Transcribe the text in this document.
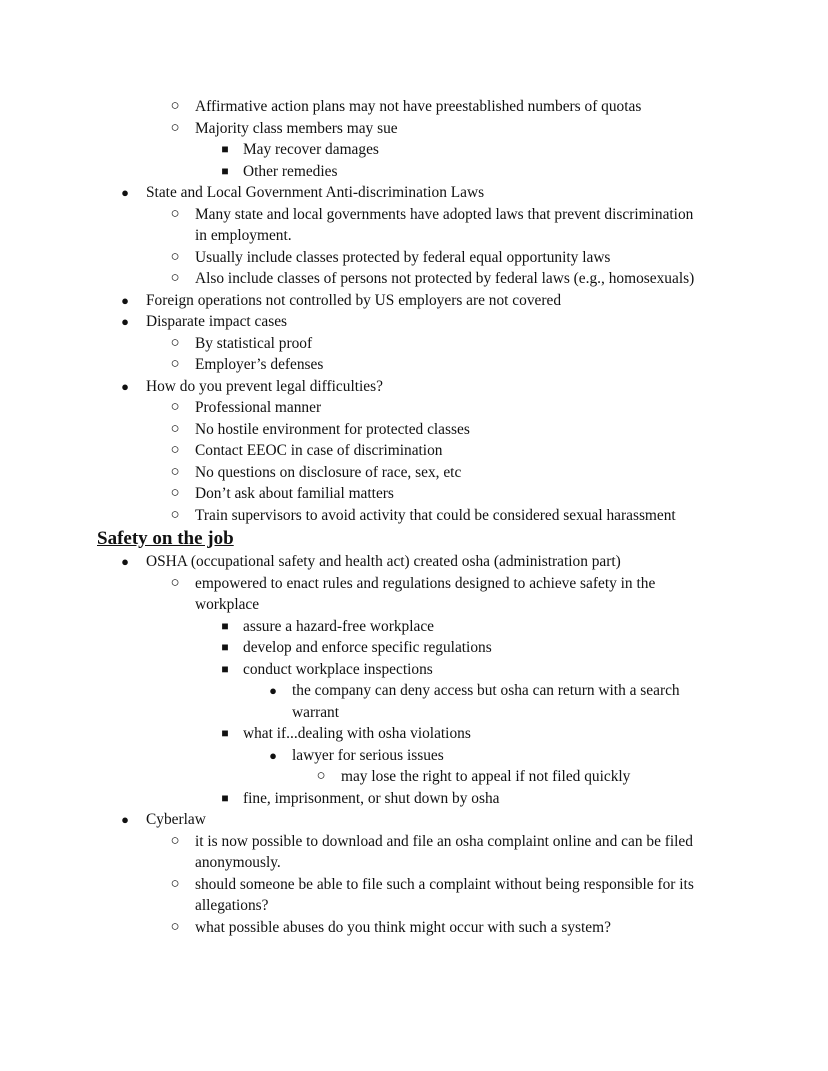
○ Affirmative action plans may not have preestablished numbers of quotas
○ Majority class members may sue
■ May recover damages
■ Other remedies
● State and Local Government Anti-discrimination Laws
○ Many state and local governments have adopted laws that prevent discrimination
in employment.
○ Usually include classes protected by federal equal opportunity laws
○ Also include classes of persons not protected by federal laws (e.g., homosexuals)
● Foreign operations not controlled by US employers are not covered
● Disparate impact cases
○ By statistical proof
○ Employer’s defenses
● How do you prevent legal difficulties?
○ Professional manner
○ No hostile environment for protected classes
○ Contact EEOC in case of discrimination
○ No questions on disclosure of race, sex, etc
○ Don’t ask about familial matters
○ Train supervisors to avoid activity that could be considered sexual harassment
Safety on the job
● OSHA (occupational safety and health act) created osha (administration part)
○ empowered to enact rules and regulations designed to achieve safety in the
workplace
■ assure a hazard-free workplace
■ develop and enforce specific regulations
■ conduct workplace inspections
● the company can deny access but osha can return with a search
warrant
■ what if...dealing with osha violations
● lawyer for serious issues
○ may lose the right to appeal if not filed quickly
■ fine, imprisonment, or shut down by osha
● Cyberlaw
○ it is now possible to download and file an osha complaint online and can be filed
anonymously.
○ should someone be able to file such a complaint without being responsible for its
allegations?
○ what possible abuses do you think might occur with such a system?
